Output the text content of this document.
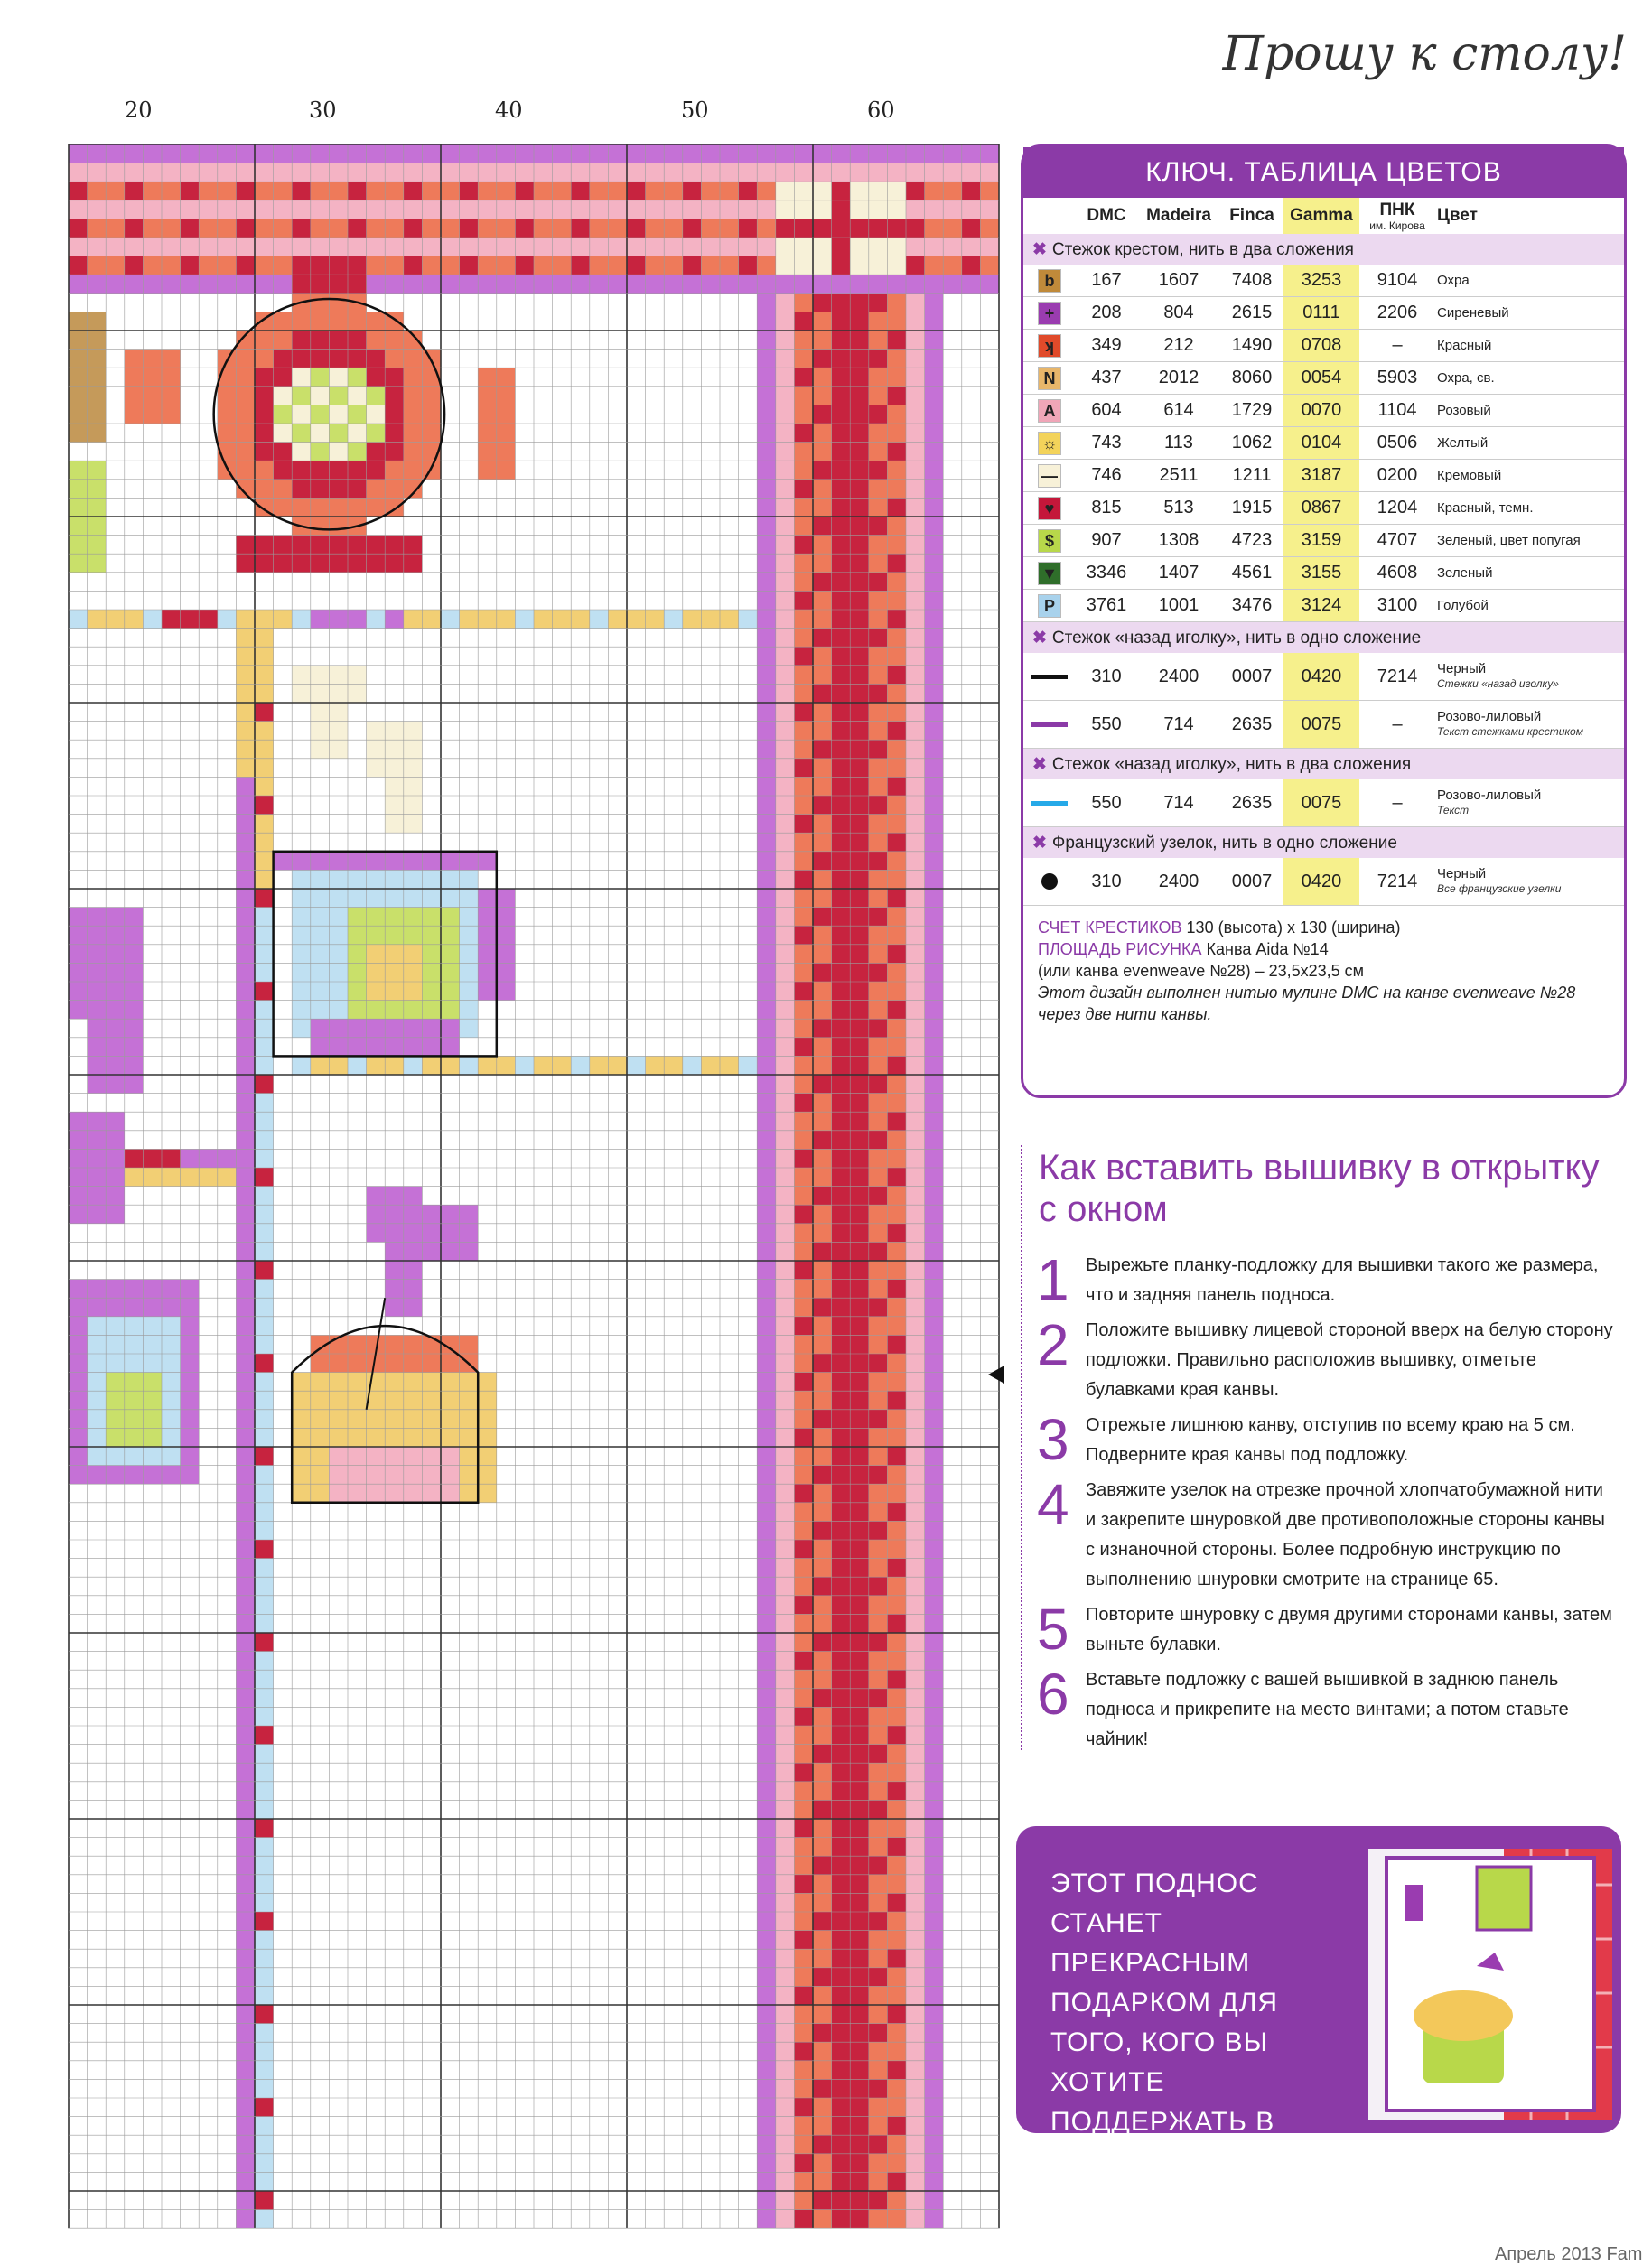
Прошу к столу!
20	30	40	50	60
КЛЮЧ. ТАБЛИЦА ЦВЕТОВ
	DMC	Madeira	Finca	Gamma	ПНК
им. Кирова	Цвет
✖ Стежок крестом, нить в два сложения						
b	167	1607	7408	3253	9104	Охра
+	208	804	2615	0111	2206	Сиреневый
ʞ	349	212	1490	0708	–	Красный
N	437	2012	8060	0054	5903	Охра, св.
A	604	614	1729	0070	1104	Розовый
☼	743	113	1062	0104	0506	Желтый
—	746	2511	1211	3187	0200	Кремовый
♥	815	513	1915	0867	1204	Красный, темн.
$	907	1308	4723	3159	4707	Зеленый, цвет попугая
▼	3346	1407	4561	3155	4608	Зеленый
P	3761	1001	3476	3124	3100	Голубой
✖ Стежок «назад иголку», нить в одно сложение						
	310	2400	0007	0420	7214	Черный
Стежки «назад иголку»

	550	714	2635	0075	–	Розово-лиловый
Текст стежками крестиком

✖ Стежок «назад иголку», нить в два сложения						
	550	714	2635	0075	–	Розово-лиловый
Текст

✖ Французский узелок, нить в одно сложение						
	310	2400	0007	0420	7214	Черный
Все французские узелки
СЧЕТ КРЕСТИКОВ 130 (высота) х 130 (ширина)
ПЛОЩАДЬ РИСУНКА Канва Aida №14
(или канва evenweave №28) – 23,5х23,5 см
Этот дизайн выполнен нитью мулине DMC на канве evenweave №28 через две нити канвы.
Как вставить вышивку в открытку с окном
1 Вырежьте планку-подложку для вышивки такого же размера, что и задняя панель подноса.
2 Положите вышивку лицевой стороной вверх на белую сторону подложки. Правильно расположив вышивку, отметьте булавками края канвы.
3 Отрежьте лишнюю канву, отступив по всему краю на 5 см. Подверните края канвы под подложку.
4 Завяжите узелок на отрезке прочной хлопчатобумажной нити и закрепите шнуровкой две противоположные стороны канвы с изнаночной стороны. Более подробную инструкцию по выполнению шнуровки смотрите на странице 65.
5 Повторите шнуровку с двумя другими сторонами канвы, затем выньте булавки.
6 Вставьте подложку с вашей вышивкой в заднюю панель подноса и прикрепите на место винтами; а потом ставьте чайник!
ЭТОТ ПОДНОС СТАНЕТ ПРЕКРАСНЫМ ПОДАРКОМ ДЛЯ ТОГО, КОГО ВЫ ХОТИТЕ ПОДДЕРЖАТЬ В ТРУДНУЮ МИНУТУ.
Апрель 2013 Fam
